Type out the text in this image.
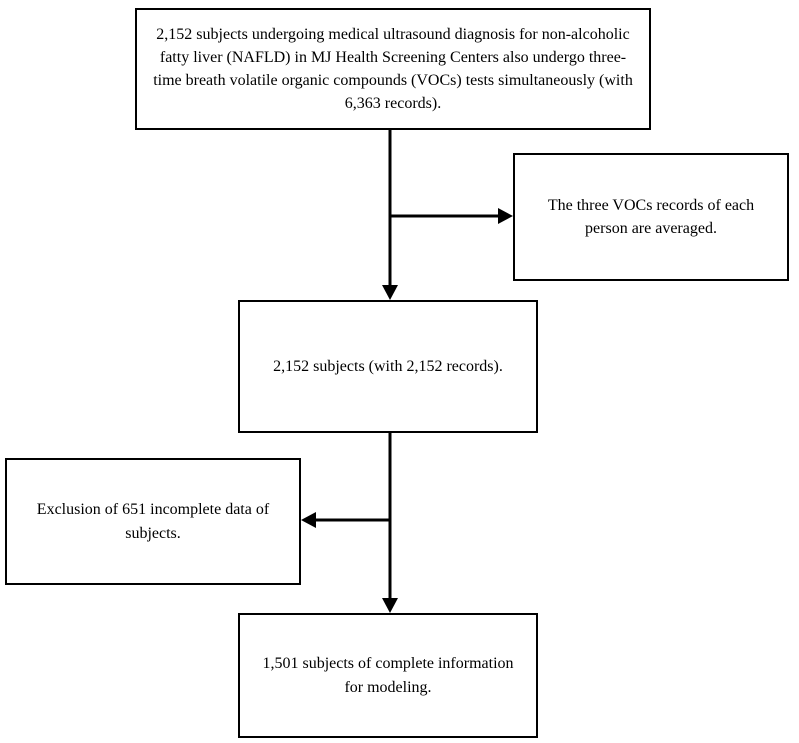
2,152 subjects undergoing medical ultrasound diagnosis for non-alcoholic fatty liver (NAFLD) in MJ Health Screening Centers also undergo three-time breath volatile organic compounds (VOCs) tests simultaneously (with 6,363 records).

The three VOCs records of each person are averaged.

2,152 subjects (with 2,152 records).

Exclusion of 651 incomplete data of subjects.

1,501 subjects of complete information for modeling.
